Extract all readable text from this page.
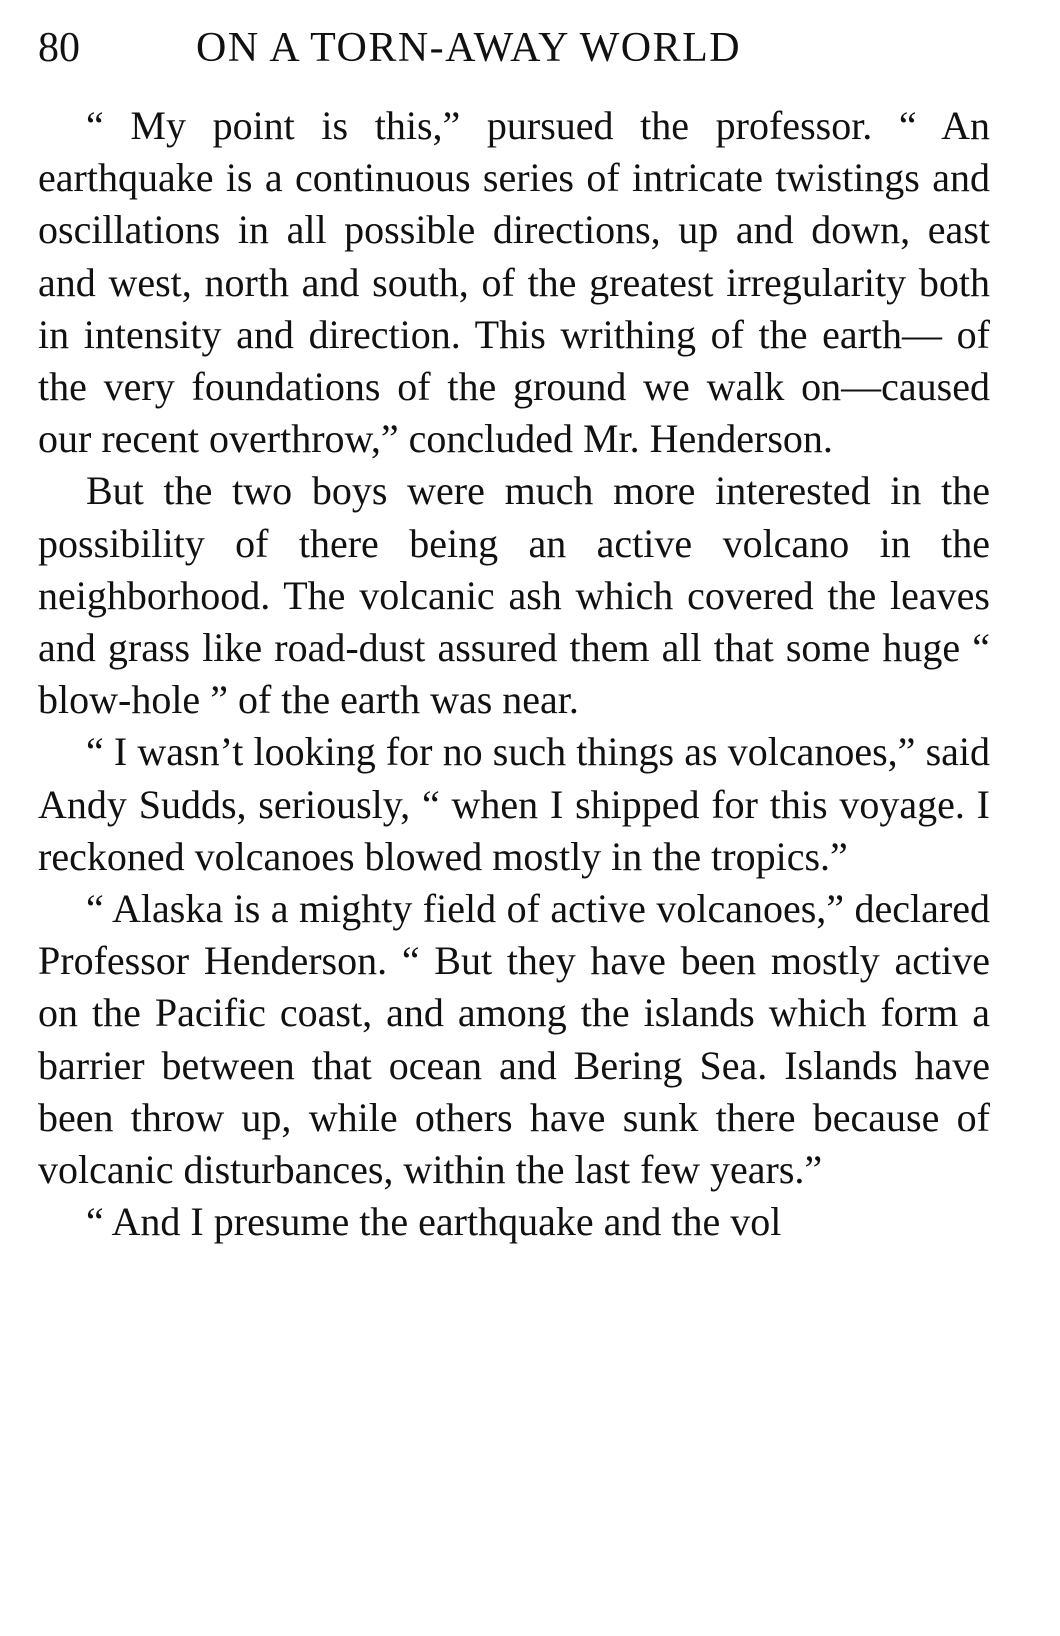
80	ON A TORN-AWAY WORLD

“ My point is this,” pursued the professor. “ An earthquake is a continuous series of intricate twistings and oscillations in all possible directions, up and down, east and west, north and south, of the greatest irregularity both in intensity and direction. This writhing of the earth— of the very foundations of the ground we walk on—caused our recent overthrow,” concluded Mr. Henderson.

But the two boys were much more interested in the possibility of there being an active volcano in the neighborhood. The volcanic ash which covered the leaves and grass like road-dust assured them all that some huge “ blow-hole ” of the earth was near.

“ I wasn’t looking for no such things as volcanoes,” said Andy Sudds, seriously, “ when I shipped for this voyage. I reckoned volcanoes blowed mostly in the tropics.”

“ Alaska is a mighty field of active volcanoes,” declared Professor Henderson. “ But they have been mostly active on the Pacific coast, and among the islands which form a barrier between that ocean and Bering Sea. Islands have been throw up, while others have sunk there because of volcanic disturbances, within the last few years.”

“ And I presume the earthquake and the vol
